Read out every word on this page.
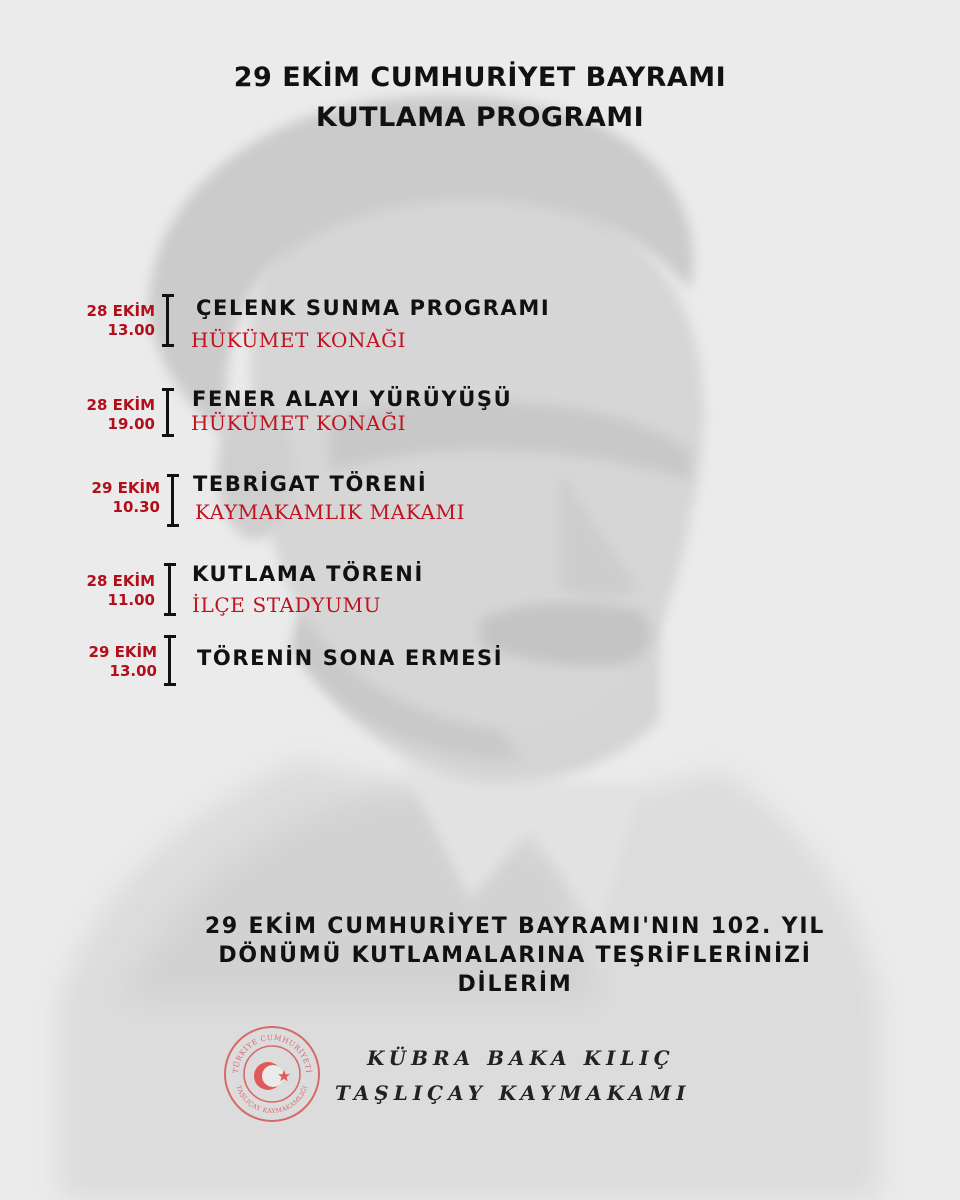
29 EKİM CUMHURİYET BAYRAMI
KUTLAMA PROGRAMI
28 EKİM
13.00
ÇELENK SUNMA PROGRAMI
HÜKÜMET KONAĞI
28 EKİM
19.00
FENER ALAYI YÜRÜYÜŞÜ
HÜKÜMET KONAĞI
29 EKİM
10.30
TEBRİGAT TÖRENİ
KAYMAKAMLIK MAKAMI
28 EKİM
11.00
KUTLAMA TÖRENİ
İLÇE STADYUMU
29 EKİM
13.00
TÖRENİN SONA ERMESİ
29 EKİM CUMHURİYET BAYRAMI'NIN 102. YIL
DÖNÜMÜ KUTLAMALARINA TEŞRİFLERİNİZİ
DİLERİM
TÜRKİYE CUMHURİYETİ
TAŞLIÇAY KAYMAKAMLIĞI
KÜBRA BAKA KILIÇ
TAŞLIÇAY KAYMAKAMI
